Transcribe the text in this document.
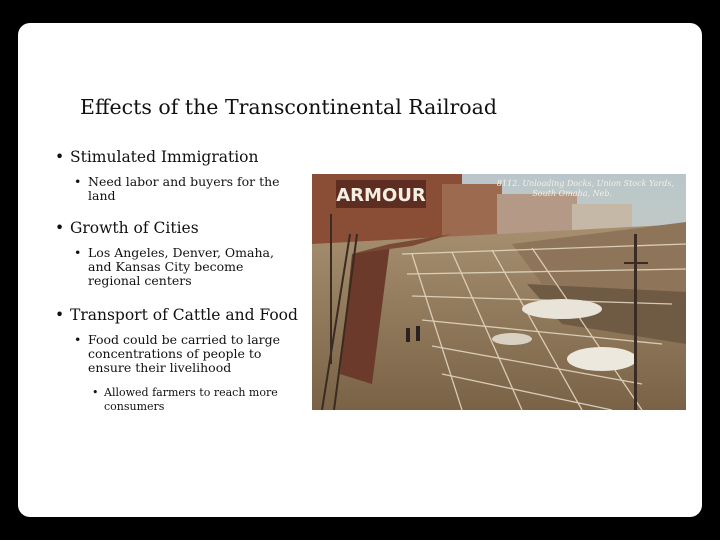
Effects of the Transcontinental Railroad
• Stimulated Immigration
• Need labor and buyers for the
land
• Growth of Cities
• Los Angeles, Denver, Omaha,
and Kansas City become
regional centers
• Transport of Cattle and Food
• Food could be carried to large
concentrations of people to
ensure their livelihood
• Allowed farmers to reach more
consumers
ARMOUR
8112. Unloading Docks, Union Stock Yards,
South Omaha, Neb.
